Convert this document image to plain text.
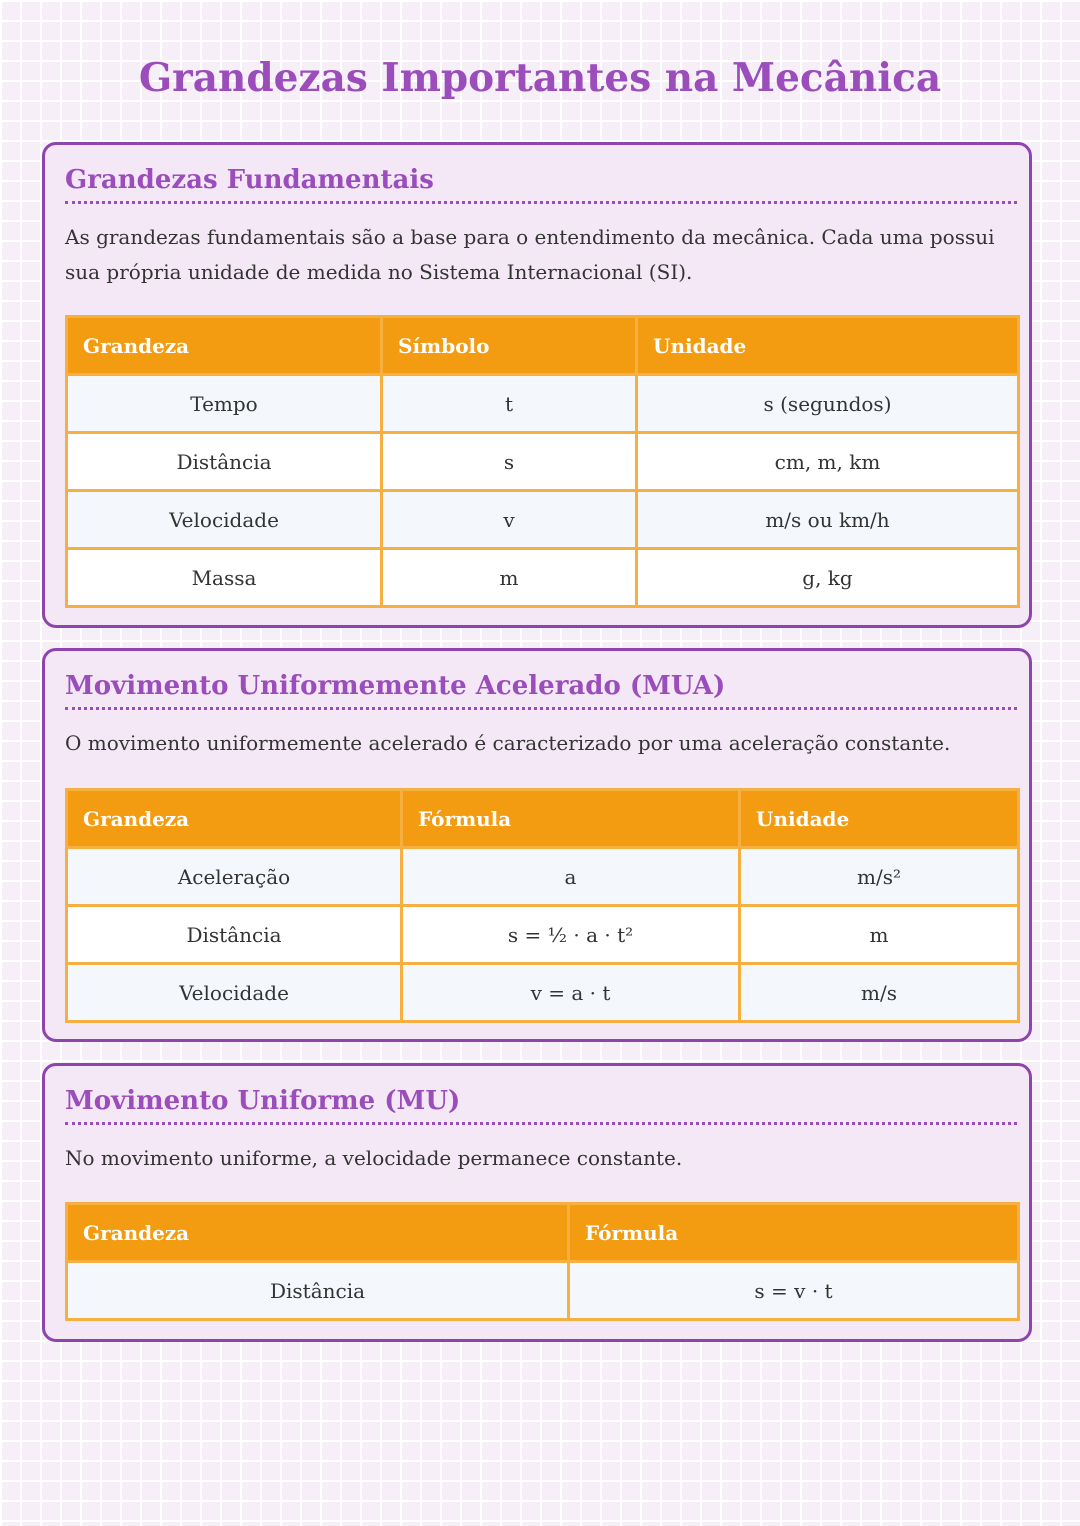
Grandezas Importantes na Mecânica
Grandezas Fundamentais

As grandezas fundamentais são a base para o entendimento da mecânica. Cada uma possui sua própria unidade de medida no Sistema Internacional (SI).

Grandeza	Símbolo	Unidade
Tempo	t	s (segundos)
Distância	s	cm, m, km
Velocidade	v	m/s ou km/h
Massa	m	g, kg
Movimento Uniformemente Acelerado (MUA)

O movimento uniformemente acelerado é caracterizado por uma aceleração constante.

Grandeza	Fórmula	Unidade
Aceleração	a	m/s²
Distância	s = ½ · a · t²	m
Velocidade	v = a · t	m/s
Movimento Uniforme (MU)

No movimento uniforme, a velocidade permanece constante.

Grandeza	Fórmula
Distância	s = v · t
